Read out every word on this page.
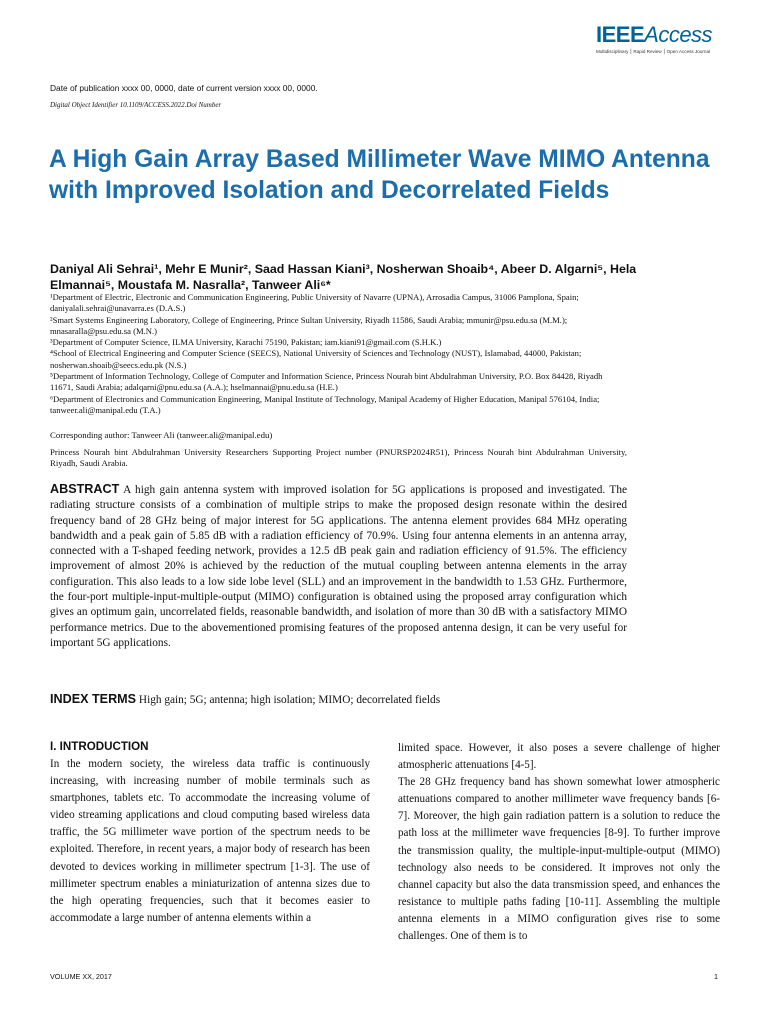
IEEEAccess
Multidisciplinary ⎮ Rapid Review ⎮ Open Access Journal
Date of publication xxxx 00, 0000, date of current version xxxx 00, 0000.
Digital Object Identifier 10.1109/ACCESS.2022.Doi Number
A High Gain Array Based Millimeter Wave MIMO Antenna with Improved Isolation and Decorrelated Fields
Daniyal Ali Sehrai¹, Mehr E Munir², Saad Hassan Kiani³, Nosherwan Shoaib⁴, Abeer D. Algarni⁵, Hela Elmannai⁵, Moustafa M. Nasralla², Tanweer Ali⁶*

¹Department of Electric, Electronic and Communication Engineering, Public University of Navarre (UPNA), Arrosadia Campus, 31006 Pamplona, Spain; daniyalali.sehrai@unavarra.es (D.A.S.)

²Smart Systems Engineering Laboratory, College of Engineering, Prince Sultan University, Riyadh 11586, Saudi Arabia; mmunir@psu.edu.sa (M.M.); mnasaralla@psu.edu.sa (M.N.)

³Department of Computer Science, ILMA University, Karachi 75190, Pakistan; iam.kiani91@gmail.com (S.H.K.)

⁴School of Electrical Engineering and Computer Science (SEECS), National University of Sciences and Technology (NUST), Islamabad, 44000, Pakistan; nosherwan.shoaib@seecs.edu.pk (N.S.)

⁵Department of Information Technology, College of Computer and Information Science, Princess Nourah bint Abdulrahman University, P.O. Box 84428, Riyadh 11671, Saudi Arabia; adalqarni@pnu.edu.sa (A.A.); hselmannai@pnu.edu.sa (H.E.)

⁶Department of Electronics and Communication Engineering, Manipal Institute of Technology, Manipal Academy of Higher Education, Manipal 576104, India; tanweer.ali@manipal.edu (T.A.)

Corresponding author: Tanweer Ali (tanweer.ali@manipal.edu)
Princess Nourah bint Abdulrahman University Researchers Supporting Project number (PNURSP2024R51), Princess Nourah bint Abdulrahman University, Riyadh, Saudi Arabia.
ABSTRACT A high gain antenna system with improved isolation for 5G applications is proposed and investigated. The radiating structure consists of a combination of multiple strips to make the proposed design resonate within the desired frequency band of 28 GHz being of major interest for 5G applications. The antenna element provides 684 MHz operating bandwidth and a peak gain of 5.85 dB with a radiation efficiency of 70.9%. Using four antenna elements in an antenna array, connected with a T-shaped feeding network, provides a 12.5 dB peak gain and radiation efficiency of 91.5%. The efficiency improvement of almost 20% is achieved by the reduction of the mutual coupling between antenna elements in the array configuration. This also leads to a low side lobe level (SLL) and an improvement in the bandwidth to 1.53 GHz. Furthermore, the four-port multiple-input-multiple-output (MIMO) configuration is obtained using the proposed array configuration which gives an optimum gain, uncorrelated fields, reasonable bandwidth, and isolation of more than 30 dB with a satisfactory MIMO performance metrics. Due to the abovementioned promising features of the proposed antenna design, it can be very useful for important 5G applications.
INDEX TERMS High gain; 5G; antenna; high isolation; MIMO; decorrelated fields
I. INTRODUCTION

In the modern society, the wireless data traffic is continuously increasing, with increasing number of mobile terminals such as smartphones, tablets etc. To accommodate the increasing volume of video streaming applications and cloud computing based wireless data traffic, the 5G millimeter wave portion of the spectrum needs to be exploited. Therefore, in recent years, a major body of research has been devoted to devices working in millimeter spectrum [1-3]. The use of millimeter spectrum enables a miniaturization of antenna sizes due to the high operating frequencies, such that it becomes easier to accommodate a large number of antenna elements within a

limited space. However, it also poses a severe challenge of higher atmospheric attenuations [4-5].

The 28 GHz frequency band has shown somewhat lower atmospheric attenuations compared to another millimeter wave frequency bands [6-7]. Moreover, the high gain radiation pattern is a solution to reduce the path loss at the millimeter wave frequencies [8-9]. To further improve the transmission quality, the multiple-input-multiple-output (MIMO) technology also needs to be considered. It improves not only the channel capacity but also the data transmission speed, and enhances the resistance to multiple paths fading [10-11]. Assembling the multiple antenna elements in a MIMO configuration gives rise to some challenges. One of them is to

VOLUME XX, 2017	1
